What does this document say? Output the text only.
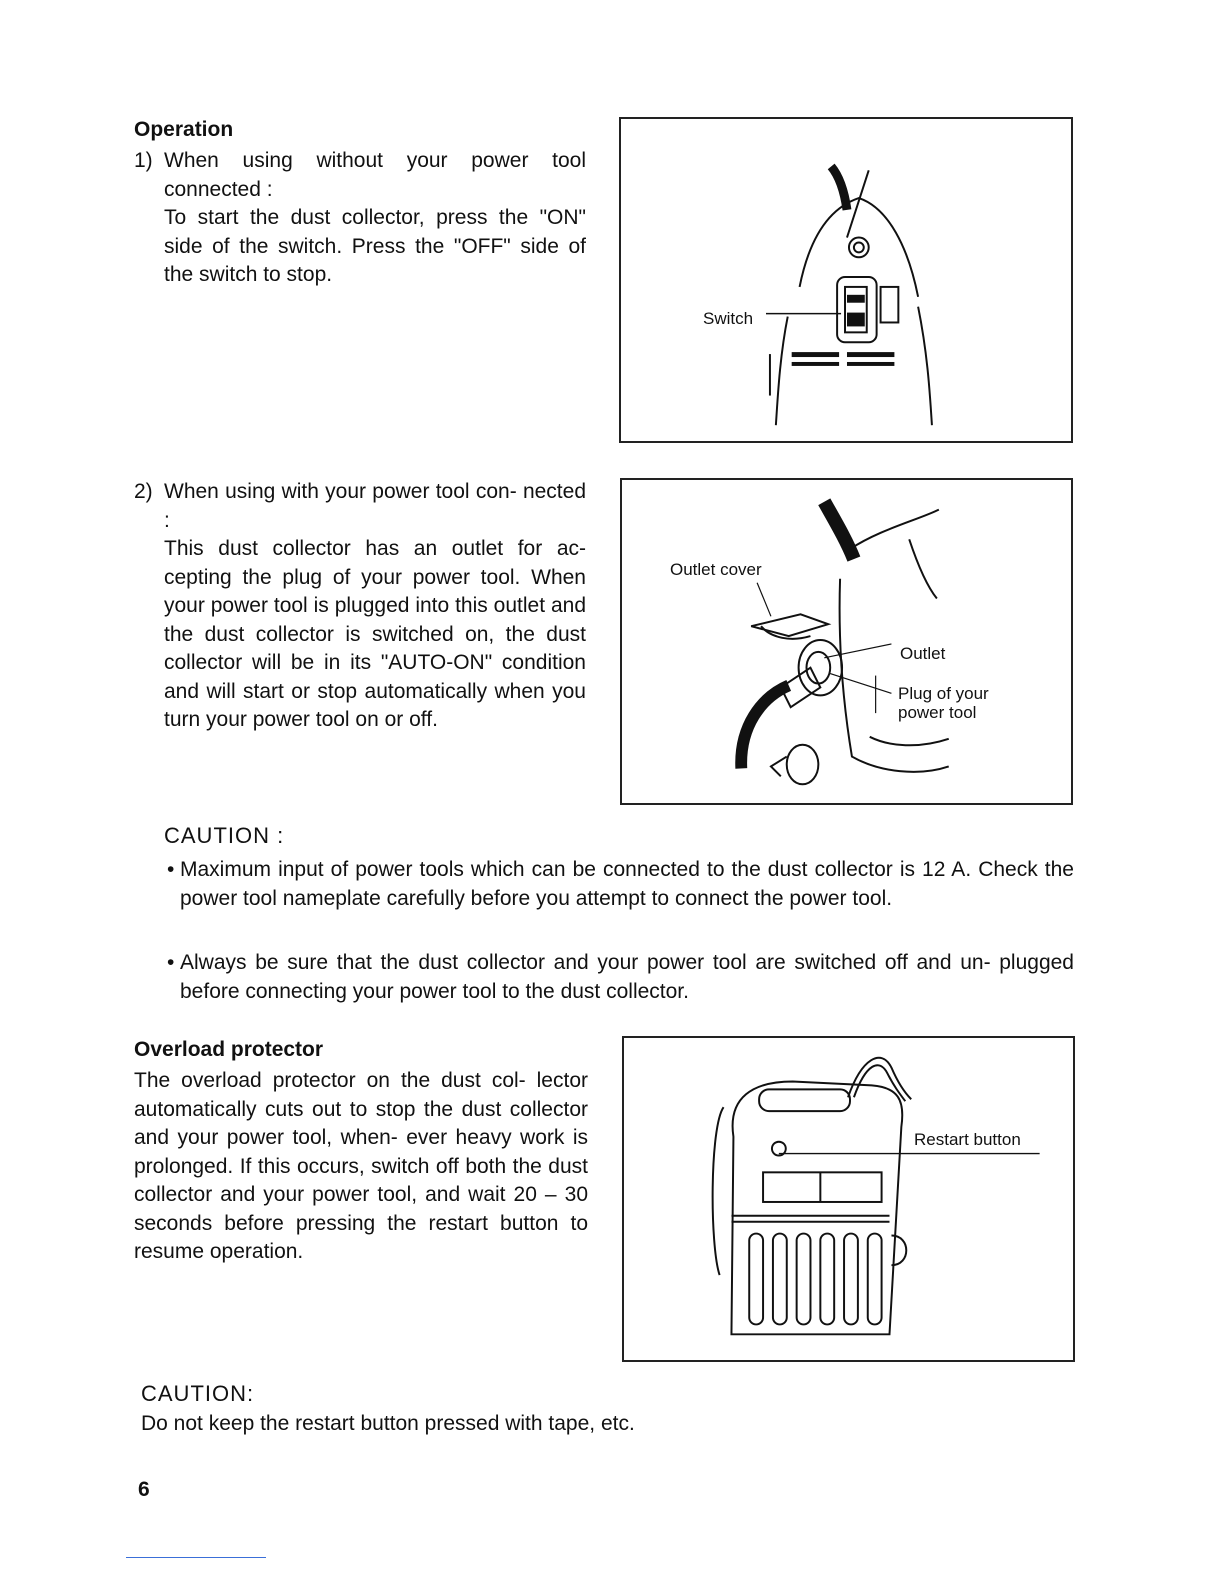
Operation
1) When using without your power tool connected :

To start the dust collector, press the "ON" side of the switch. Press the "OFF" side of the switch to stop.

Switch
2) When using with your power tool con- nected :

This dust collector has an outlet for ac- cepting the plug of your power tool. When your power tool is plugged into this outlet and the dust collector is switched on, the dust collector will be in its "AUTO-ON" condition and will start or stop automatically when you turn your power tool on or off.

Outlet cover
Outlet
Plug of your
power tool
CAUTION :
• Maximum input of power tools which can be connected to the dust collector is 12 A. Check the power tool nameplate carefully before you attempt to connect the power tool.
• Always be sure that the dust collector and your power tool are switched off and un- plugged before connecting your power tool to the dust collector.
Overload protector
The overload protector on the dust col- lector automatically cuts out to stop the dust collector and your power tool, when- ever heavy work is prolonged. If this occurs, switch off both the dust collector and your power tool, and wait 20 – 30 seconds before pressing the restart button to resume operation.
Restart button
CAUTION:
Do not keep the restart button pressed with tape, etc.
6
